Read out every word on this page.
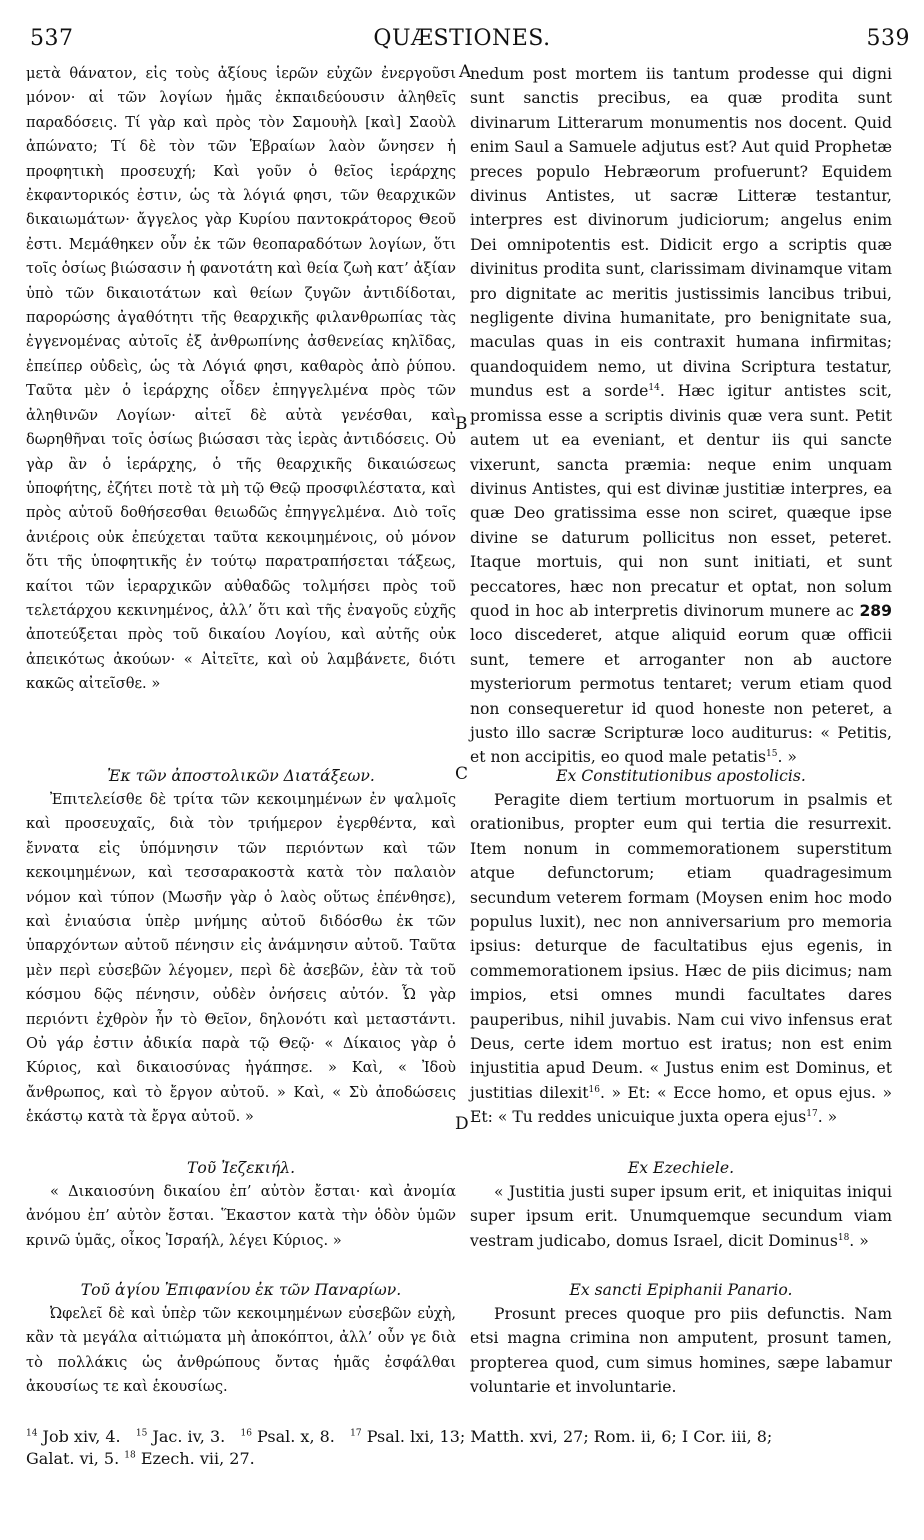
537	QUÆSTIONES.	539
A
B
C
D

μετὰ θάνατον, εἰς τοὺς ἀξίους ἱερῶν εὐχῶν ἐνεργοῦσι μόνον· αἱ τῶν λογίων ἡμᾶς ἐκπαιδεύουσιν ἀληθεῖς παραδόσεις. Τί γὰρ καὶ πρὸς τὸν Σαμουὴλ [καὶ] Σαοὺλ ἀπώνατο; Τί δὲ τὸν τῶν Ἑβραίων λαὸν ὤνησεν ἡ προφητικὴ προσευχή; Καὶ γοῦν ὁ θεῖος ἱεράρχης ἐκφαντορικός ἐστιν, ὡς τὰ λόγιά φησι, τῶν θεαρχικῶν δικαιωμάτων· ἄγγελος γὰρ Κυρίου παντοκράτορος Θεοῦ ἐστι. Μεμάθηκεν οὖν ἐκ τῶν θεοπαραδότων λογίων, ὅτι τοῖς ὁσίως βιώσασιν ἡ φανοτάτη καὶ θεία ζωὴ κατ’ ἀξίαν ὑπὸ τῶν δικαιοτάτων καὶ θείων ζυγῶν ἀντιδίδοται, παρορώσης ἀγαθότητι τῆς θεαρχικῆς φιλανθρωπίας τὰς ἐγγενομένας αὐτοῖς ἐξ ἀνθρωπίνης ἀσθενείας κηλῖδας, ἐπείπερ οὐδεὶς, ὡς τὰ Λόγιά φησι, καθαρὸς ἀπὸ ῥύπου. Ταῦτα μὲν ὁ ἱεράρχης οἶδεν ἐπηγγελμένα πρὸς τῶν ἀληθινῶν Λογίων· αἰτεῖ δὲ αὐτὰ γενέσθαι, καὶ δωρηθῆναι τοῖς ὁσίως βιώσασι τὰς ἱερὰς ἀντιδόσεις. Οὐ γὰρ ἂν ὁ ἱεράρχης, ὁ τῆς θεαρχικῆς δικαιώσεως ὑποφήτης, ἐζήτει ποτὲ τὰ μὴ τῷ Θεῷ προσφιλέστατα, καὶ πρὸς αὐτοῦ δοθήσεσθαι θειωδῶς ἐπηγγελμένα. Διὸ τοῖς ἀνιέροις οὐκ ἐπεύχεται ταῦτα κεκοιμημένοις, οὐ μόνον ὅτι τῆς ὑποφητικῆς ἐν τούτῳ παρατραπήσεται τάξεως, καίτοι τῶν ἱεραρχικῶν αὐθαδῶς τολμήσει πρὸς τοῦ τελετάρχου κεκινημένος, ἀλλ’ ὅτι καὶ τῆς ἐναγοῦς εὐχῆς ἀποτεύξεται πρὸς τοῦ δικαίου Λογίου, καὶ αὐτῆς οὐκ ἀπεικότως ἀκούων· « Αἰτεῖτε, καὶ οὐ λαμβάνετε, διότι κακῶς αἰτεῖσθε. »

Ἐκ τῶν ἀποστολικῶν Διατάξεων.

Ἐπιτελείσθε δὲ τρίτα τῶν κεκοιμημένων ἐν ψαλμοῖς καὶ προσευχαῖς, διὰ τὸν τριήμερον ἐγερθέντα, καὶ ἔννατα εἰς ὑπόμνησιν τῶν περιόντων καὶ τῶν κεκοιμημένων, καὶ τεσσαρακοστὰ κατὰ τὸν παλαιὸν νόμον καὶ τύπον (Μωσῆν γὰρ ὁ λαὸς οὕτως ἐπένθησε), καὶ ἐνιαύσια ὑπὲρ μνήμης αὐτοῦ διδόσθω ἐκ τῶν ὑπαρχόντων αὐτοῦ πένησιν εἰς ἀνάμνησιν αὐτοῦ. Ταῦτα μὲν περὶ εὐσεβῶν λέγομεν, περὶ δὲ ἀσεβῶν, ἐὰν τὰ τοῦ κόσμου δῷς πένησιν, οὐδὲν ὀνήσεις αὐτόν. Ὧ γὰρ περιόντι ἐχθρὸν ἦν τὸ Θεῖον, δηλονότι καὶ μεταστάντι. Οὐ γάρ ἐστιν ἀδικία παρὰ τῷ Θεῷ· « Δίκαιος γὰρ ὁ Κύριος, καὶ δικαιοσύνας ἠγάπησε. » Καὶ, « Ἰδοὺ ἄνθρωπος, καὶ τὸ ἔργον αὐτοῦ. » Καὶ, « Σὺ ἀποδώσεις ἑκάστῳ κατὰ τὰ ἔργα αὐτοῦ. »

Τοῦ Ἰεζεκιήλ.

« Δικαιοσύνη δικαίου ἐπ’ αὐτὸν ἔσται· καὶ ἀνομία ἀνόμου ἐπ’ αὐτὸν ἔσται. Ἕκαστον κατὰ τὴν ὁδὸν ὑμῶν κρινῶ ὑμᾶς, οἶκος Ἰσραήλ, λέγει Κύριος. »

Τοῦ ἁγίου Ἐπιφανίου ἐκ τῶν Παναρίων.

Ὠφελεῖ δὲ καὶ ὑπὲρ τῶν κεκοιμημένων εὐσεβῶν εὐχὴ, κἂν τὰ μεγάλα αἰτιώματα μὴ ἀποκόπτοι, ἀλλ’ οὖν γε διὰ τὸ πολλάκις ὡς ἀνθρώπους ὄντας ἡμᾶς ἐσφάλθαι ἀκουσίως τε καὶ ἑκουσίως.

nedum post mortem iis tantum prodesse qui digni sunt sanctis precibus, ea quæ prodita sunt divinarum Litterarum monumentis nos docent. Quid enim Saul a Samuele adjutus est? Aut quid Prophetæ preces populo Hebræorum profuerunt? Equidem divinus Antistes, ut sacræ Litteræ testantur, interpres est divinorum judiciorum; angelus enim Dei omnipotentis est. Didicit ergo a scriptis quæ divinitus prodita sunt, clarissimam divinamque vitam pro dignitate ac meritis justissimis lancibus tribui, negligente divina humanitate, pro benignitate sua, maculas quas in eis contraxit humana infirmitas; quandoquidem nemo, ut divina Scriptura testatur, mundus est a sorde$^{14}$. Hæc igitur antistes scit, promissa esse a scriptis divinis quæ vera sunt. Petit autem ut ea eveniant, et dentur iis qui sancte vixerunt, sancta præmia: neque enim unquam divinus Antistes, qui est divinæ justitiæ interpres, ea quæ Deo gratissima esse non sciret, quæque ipse divine se daturum pollicitus non esset, peteret. Itaque mortuis, qui non sunt initiati, et sunt peccatores, hæc non precatur et optat, non solum quod in hoc ab interpretis divinorum munere ac 289 loco discederet, atque aliquid eorum quæ officii sunt, temere et arroganter non ab auctore mysteriorum permotus tentaret; verum etiam quod non consequeretur id quod honeste non peteret, a justo illo sacræ Scripturæ loco auditurus: « Petitis, et non accipitis, eo quod male petatis$^{15}$. »

Ex Constitutionibus apostolicis.

Peragite diem tertium mortuorum in psalmis et orationibus, propter eum qui tertia die resurrexit. Item nonum in commemorationem superstitum atque defunctorum; etiam quadragesimum secundum veterem formam (Moysen enim hoc modo populus luxit), nec non anniversarium pro memoria ipsius: deturque de facultatibus ejus egenis, in commemorationem ipsius. Hæc de piis dicimus; nam impios, etsi omnes mundi facultates dares pauperibus, nihil juvabis. Nam cui vivo infensus erat Deus, certe idem mortuo est iratus; non est enim injustitia apud Deum. « Justus enim est Dominus, et justitias dilexit$^{16}$. » Et: « Ecce homo, et opus ejus. » Et: « Tu reddes unicuique juxta opera ejus$^{17}$. »

Ex Ezechiele.

« Justitia justi super ipsum erit, et iniquitas iniqui super ipsum erit. Unumquemque secundum viam vestram judicabo, domus Israel, dicit Dominus$^{18}$. »

Ex sancti Epiphanii Panario.

Prosunt preces quoque pro piis defunctis. Nam etsi magna crimina non amputent, prosunt tamen, propterea quod, cum simus homines, sæpe labamur voluntarie et involuntarie.

$^{14}$ Job xiv, 4. $^{15}$ Jac. iv, 3. $^{16}$ Psal. x, 8. $^{17}$ Psal. lxi, 13; Matth. xvi, 27; Rom. ii, 6; I Cor. iii, 8;
Galat. vi, 5. $^{18}$ Ezech. vii, 27.
